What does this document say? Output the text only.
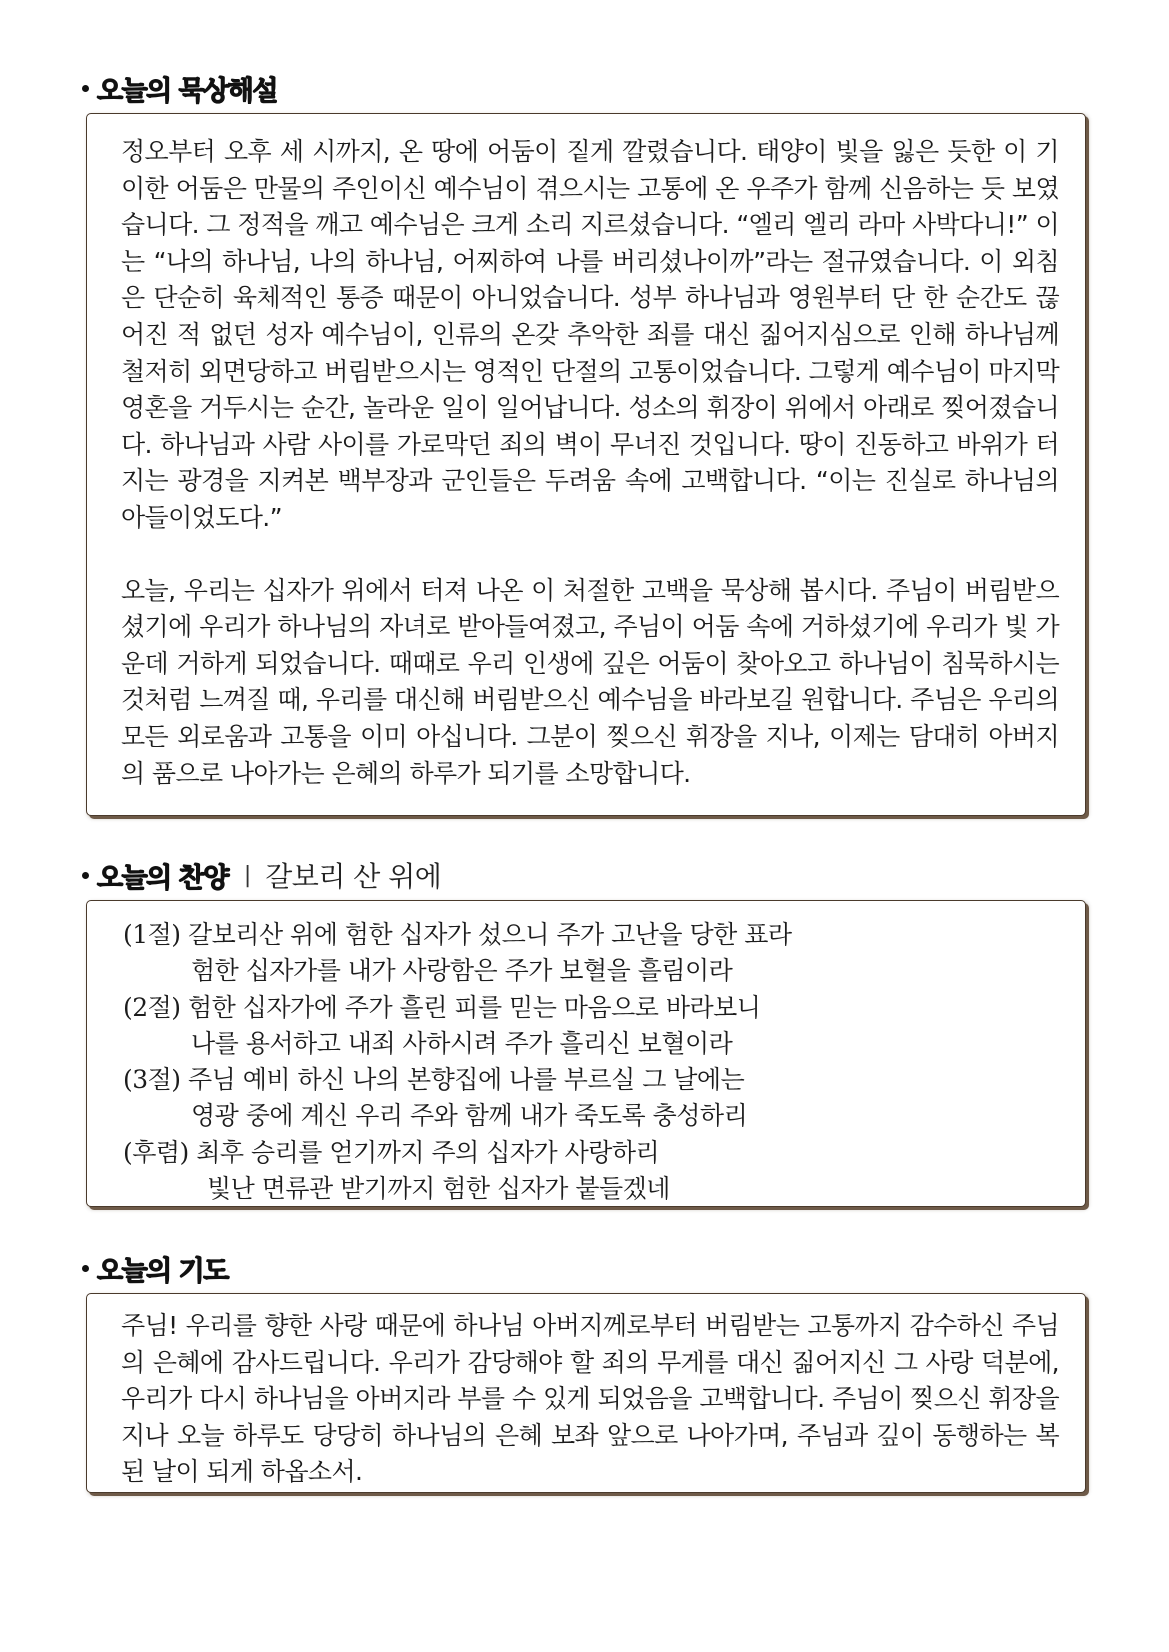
오늘의 묵상해설

정오부터 오후 세 시까지, 온 땅에 어둠이 짙게 깔렸습니다. 태양이 빛을 잃은 듯한 이 기이한 어둠은 만물의 주인이신 예수님이 겪으시는 고통에 온 우주가 함께 신음하는 듯 보였습니다. 그 정적을 깨고 예수님은 크게 소리 지르셨습니다. “엘리 엘리 라마 사박다니!” 이는 “나의 하나님, 나의 하나님, 어찌하여 나를 버리셨나이까”라는 절규였습니다. 이 외침은 단순히 육체적인 통증 때문이 아니었습니다. 성부 하나님과 영원부터 단 한 순간도 끊어진 적 없던 성자 예수님이, 인류의 온갖 추악한 죄를 대신 짊어지심으로 인해 하나님께 철저히 외면당하고 버림받으시는 영적인 단절의 고통이었습니다. 그렇게 예수님이 마지막 영혼을 거두시는 순간, 놀라운 일이 일어납니다. 성소의 휘장이 위에서 아래로 찢어졌습니다. 하나님과 사람 사이를 가로막던 죄의 벽이 무너진 것입니다. 땅이 진동하고 바위가 터지는 광경을 지켜본 백부장과 군인들은 두려움 속에 고백합니다. “이는 진실로 하나님의 아들이었도다.”

오늘, 우리는 십자가 위에서 터져 나온 이 처절한 고백을 묵상해 봅시다. 주님이 버림받으셨기에 우리가 하나님의 자녀로 받아들여졌고, 주님이 어둠 속에 거하셨기에 우리가 빛 가운데 거하게 되었습니다. 때때로 우리 인생에 깊은 어둠이 찾아오고 하나님이 침묵하시는 것처럼 느껴질 때, 우리를 대신해 버림받으신 예수님을 바라보길 원합니다. 주님은 우리의 모든 외로움과 고통을 이미 아십니다. 그분이 찢으신 휘장을 지나, 이제는 담대히 아버지의 품으로 나아가는 은혜의 하루가 되기를 소망합니다.

오늘의 찬양 | 갈보리 산 위에
(1절) 갈보리산 위에 험한 십자가 섰으니 주가 고난을 당한 표라
험한 십자가를 내가 사랑함은 주가 보혈을 흘림이라
(2절) 험한 십자가에 주가 흘린 피를 믿는 마음으로 바라보니
나를 용서하고 내죄 사하시려 주가 흘리신 보혈이라
(3절) 주님 예비 하신 나의 본향집에 나를 부르실 그 날에는
영광 중에 계신 우리 주와 함께 내가 죽도록 충성하리
(후렴) 최후 승리를 얻기까지 주의 십자가 사랑하리
빛난 면류관 받기까지 험한 십자가 붙들겠네
오늘의 기도

주님! 우리를 향한 사랑 때문에 하나님 아버지께로부터 버림받는 고통까지 감수하신 주님의 은혜에 감사드립니다. 우리가 감당해야 할 죄의 무게를 대신 짊어지신 그 사랑 덕분에, 우리가 다시 하나님을 아버지라 부를 수 있게 되었음을 고백합니다. 주님이 찢으신 휘장을 지나 오늘 하루도 당당히 하나님의 은혜 보좌 앞으로 나아가며, 주님과 깊이 동행하는 복된 날이 되게 하옵소서.
